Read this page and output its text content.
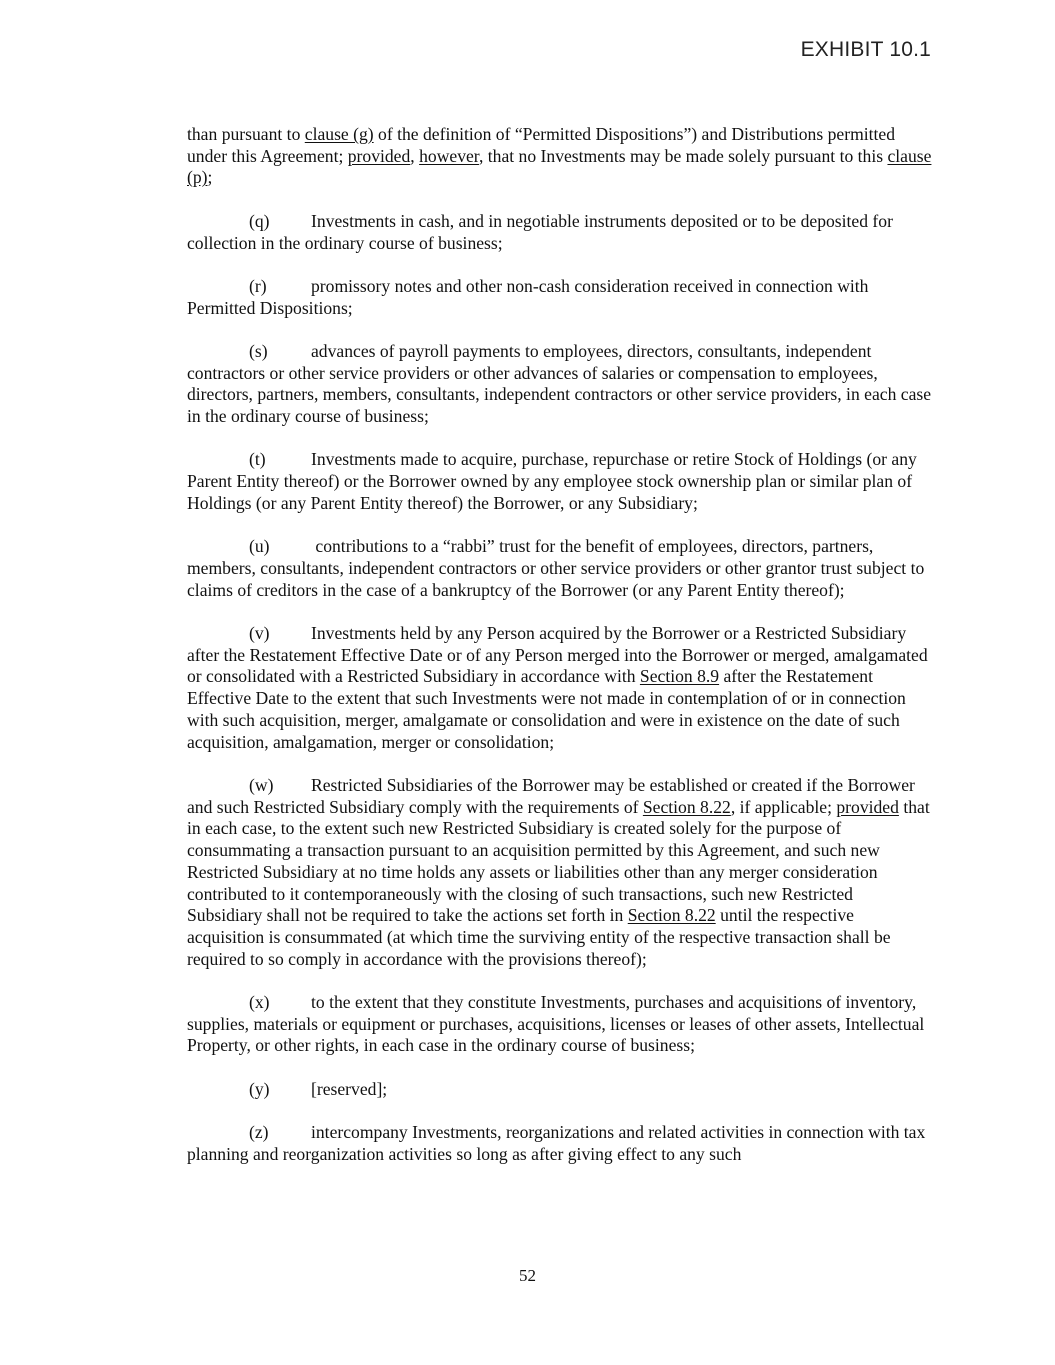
EXHIBIT 10.1

than pursuant to clause (g) of the definition of “Permitted Dispositions”) and Distributions permitted under this Agreement; provided, however, that no Investments may be made solely pursuant to this clause (p);

(q) Investments in cash, and in negotiable instruments deposited or to be deposited for collection in the ordinary course of business;

(r)	promissory notes and other non-cash consideration received in connection with Permitted Dispositions;

(s) advances of payroll payments to employees, directors, consultants, independent contractors or other service providers or other advances of salaries or compensation to employees, directors, partners, members, consultants, independent contractors or other service providers, in each case in the ordinary course of business;

(t)	Investments made to acquire, purchase, repurchase or retire Stock of Holdings (or any Parent Entity thereof) or the Borrower owned by any employee stock ownership plan or similar plan of Holdings (or any Parent Entity thereof) the Borrower, or any Subsidiary;

(u) contributions to a “rabbi” trust for the benefit of employees, directors, partners, members, consultants, independent contractors or other service providers or other grantor trust subject to claims of creditors in the case of a bankruptcy of the Borrower (or any Parent Entity thereof);

(v) Investments held by any Person acquired by the Borrower or a Restricted Subsidiary after the Restatement Effective Date or of any Person merged into the Borrower or merged, amalgamated or consolidated with a Restricted Subsidiary in accordance with Section 8.9 after the Restatement Effective Date to the extent that such Investments were not made in contemplation of or in connection with such acquisition, merger, amalgamate or consolidation and were in existence on the date of such acquisition, amalgamation, merger or consolidation;

(w) Restricted Subsidiaries of the Borrower may be established or created if the Borrower and such Restricted Subsidiary comply with the requirements of Section 8.22, if applicable; provided that in each case, to the extent such new Restricted Subsidiary is created solely for the purpose of consummating a transaction pursuant to an acquisition permitted by this Agreement, and such new Restricted Subsidiary at no time holds any assets or liabilities other than any merger consideration contributed to it contemporaneously with the closing of such transactions, such new Restricted Subsidiary shall not be required to take the actions set forth in Section 8.22 until the respective acquisition is consummated (at which time the surviving entity of the respective transaction shall be required to so comply in accordance with the provisions thereof);

(x) to the extent that they constitute Investments, purchases and acquisitions of inventory, supplies, materials or equipment or purchases, acquisitions, licenses or leases of other assets, Intellectual Property, or other rights, in each case in the ordinary course of business;

(y) [reserved];

(z) intercompany Investments, reorganizations and related activities in connection with tax planning and reorganization activities so long as after giving effect to any such

52
